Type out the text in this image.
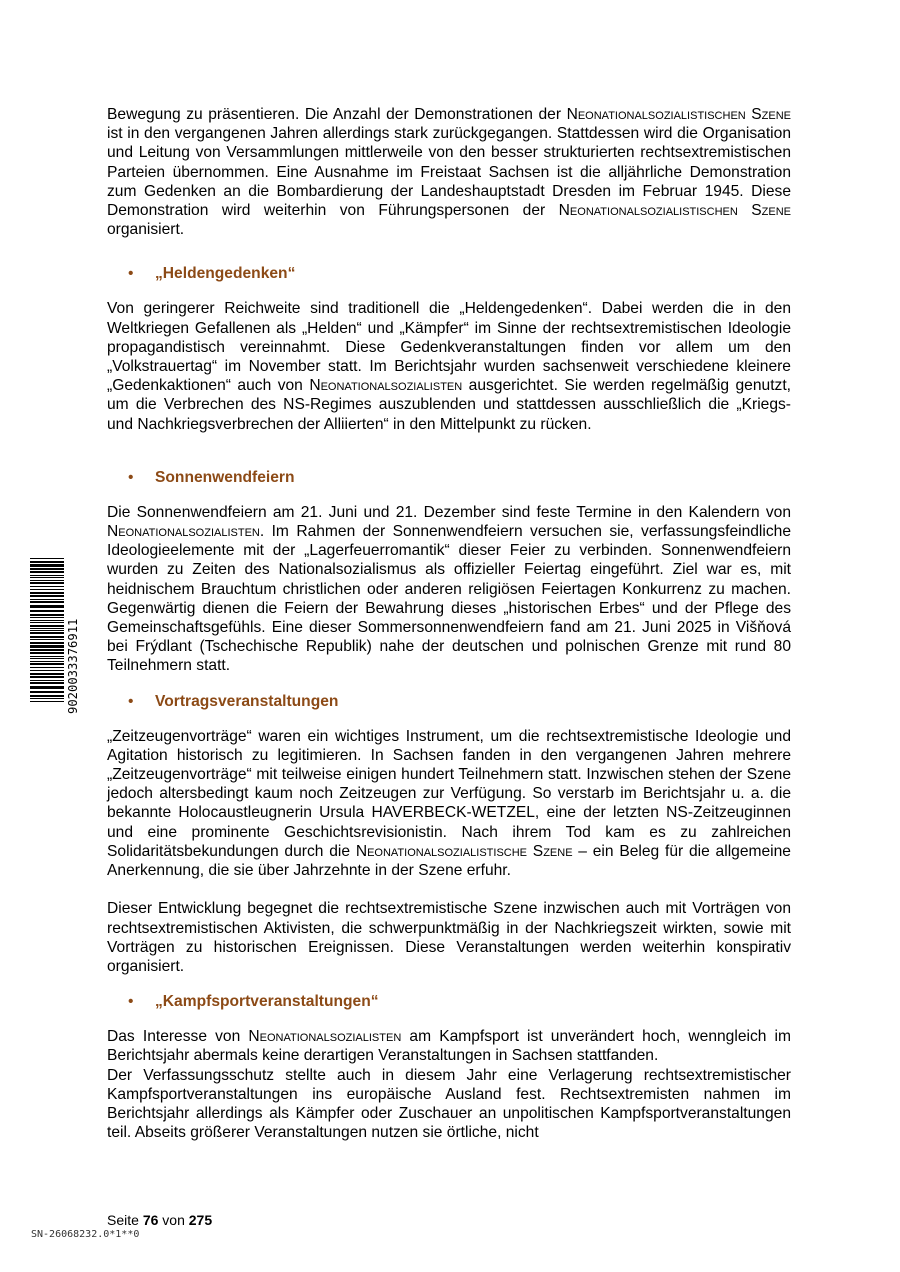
Bewegung zu präsentieren. Die Anzahl der Demonstrationen der Neonationalsozialistischen Szene ist in den vergangenen Jahren allerdings stark zurückgegangen. Stattdessen wird die Organisation und Leitung von Versammlungen mittlerweile von den besser strukturierten rechtsextremistischen Parteien übernommen. Eine Ausnahme im Freistaat Sachsen ist die alljährliche Demonstration zum Gedenken an die Bombardierung der Landeshauptstadt Dresden im Februar 1945. Diese Demonstration wird weiterhin von Führungspersonen der Neonationalsozialistischen Szene organisiert.

• „Heldengedenken“

Von geringerer Reichweite sind traditionell die „Heldengedenken“. Dabei werden die in den Weltkriegen Gefallenen als „Helden“ und „Kämpfer“ im Sinne der rechtsextremistischen Ideologie propagandistisch vereinnahmt. Diese Gedenkveranstaltungen finden vor allem um den „Volkstrauertag“ im November statt. Im Berichtsjahr wurden sachsenweit verschiedene kleinere „Gedenkaktionen“ auch von Neonationalsozialisten ausgerichtet. Sie werden regelmäßig genutzt, um die Verbrechen des NS-Regimes auszublenden und stattdessen ausschließlich die „Kriegs- und Nachkriegsverbrechen der Alliierten“ in den Mittelpunkt zu rücken.

• Sonnenwendfeiern

Die Sonnenwendfeiern am 21. Juni und 21. Dezember sind feste Termine in den Kalendern von Neonationalsozialisten. Im Rahmen der Sonnenwendfeiern versuchen sie, verfassungsfeindliche Ideologieelemente mit der „Lagerfeuerromantik“ dieser Feier zu verbinden. Sonnenwendfeiern wurden zu Zeiten des Nationalsozialismus als offizieller Feiertag eingeführt. Ziel war es, mit heidnischem Brauchtum christlichen oder anderen religiösen Feiertagen Konkurrenz zu machen. Gegenwärtig dienen die Feiern der Bewahrung dieses „historischen Erbes“ und der Pflege des Gemeinschaftsgefühls. Eine dieser Sommersonnenwendfeiern fand am 21. Juni 2025 in Višňová bei Frýdlant (Tschechische Republik) nahe der deutschen und polnischen Grenze mit rund 80 Teilnehmern statt.

• Vortragsveranstaltungen

„Zeitzeugenvorträge“ waren ein wichtiges Instrument, um die rechtsextremistische Ideologie und Agitation historisch zu legitimieren. In Sachsen fanden in den vergangenen Jahren mehrere „Zeitzeugenvorträge“ mit teilweise einigen hundert Teilnehmern statt. Inzwischen stehen der Szene jedoch altersbedingt kaum noch Zeitzeugen zur Verfügung. So verstarb im Berichtsjahr u. a. die bekannte Holocaustleugnerin Ursula HAVERBECK-WETZEL, eine der letzten NS-Zeitzeuginnen und eine prominente Geschichtsrevisionistin. Nach ihrem Tod kam es zu zahlreichen Solidaritätsbekundungen durch die Neonationalsozialistische Szene – ein Beleg für die allgemeine Anerkennung, die sie über Jahrzehnte in der Szene erfuhr.

Dieser Entwicklung begegnet die rechtsextremistische Szene inzwischen auch mit Vorträgen von rechtsextremistischen Aktivisten, die schwerpunktmäßig in der Nachkriegszeit wirkten, sowie mit Vorträgen zu historischen Ereignissen. Diese Veranstaltungen werden weiterhin konspirativ organisiert.

• „Kampfsportveranstaltungen“

Das Interesse von Neonationalsozialisten am Kampfsport ist unverändert hoch, wenngleich im Berichtsjahr abermals keine derartigen Veranstaltungen in Sachsen stattfanden.

Der Verfassungsschutz stellte auch in diesem Jahr eine Verlagerung rechtsextremistischer Kampfsportveranstaltungen ins europäische Ausland fest. Rechtsextremisten nahmen im Berichtsjahr allerdings als Kämpfer oder Zuschauer an unpolitischen Kampfsportveranstaltungen teil. Abseits größerer Veranstaltungen nutzen sie örtliche, nicht

9020033376911
Seite 76 von 275
SN-26068232.0*1**0
